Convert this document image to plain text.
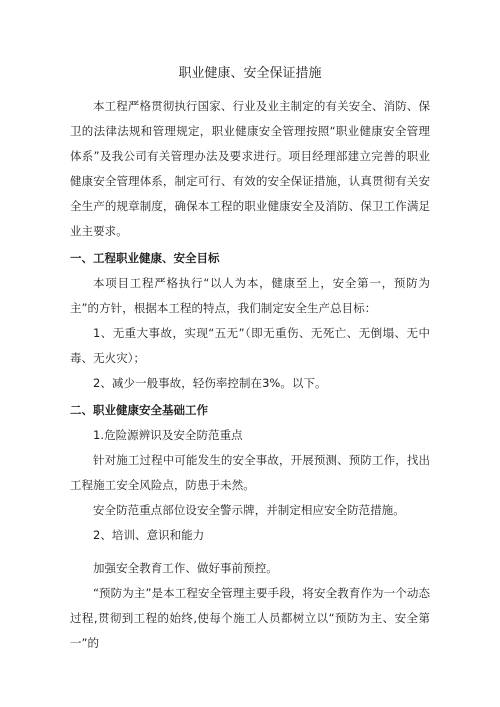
职业健康、安全保证措施

本工程严格贯彻执行国家、行业及业主制定的有关安全、消防、保卫的法律法规和管理规定，职业健康安全管理按照“职业健康安全管理体系”及我公司有关管理办法及要求进行。项目经理部建立完善的职业健康安全管理体系，制定可行、有效的安全保证措施，认真贯彻有关安全生产的规章制度，确保本工程的职业健康安全及消防、保卫工作满足业主要求。

一、工程职业健康、安全目标

本项目工程严格执行“以人为本，健康至上，安全第一，预防为主”的方针，根据本工程的特点，我们制定安全生产总目标：

1、无重大事故，实现“五无”（即无重伤、无死亡、无倒塌、无中毒、无火灾）；

2、减少一般事故，轻伤率控制在3%。以下。

二、职业健康安全基础工作

1.危险源辨识及安全防范重点

针对施工过程中可能发生的安全事故，开展预测、预防工作，找出工程施工安全风险点，防患于未然。

安全防范重点部位设安全警示牌，并制定相应安全防范措施。

2、培训、意识和能力

加强安全教育工作、做好事前预控。

“预防为主”是本工程安全管理主要手段，将安全教育作为一个动态过程,贯彻到工程的始终,使每个施工人员都树立以“预防为主、安全第一”的
